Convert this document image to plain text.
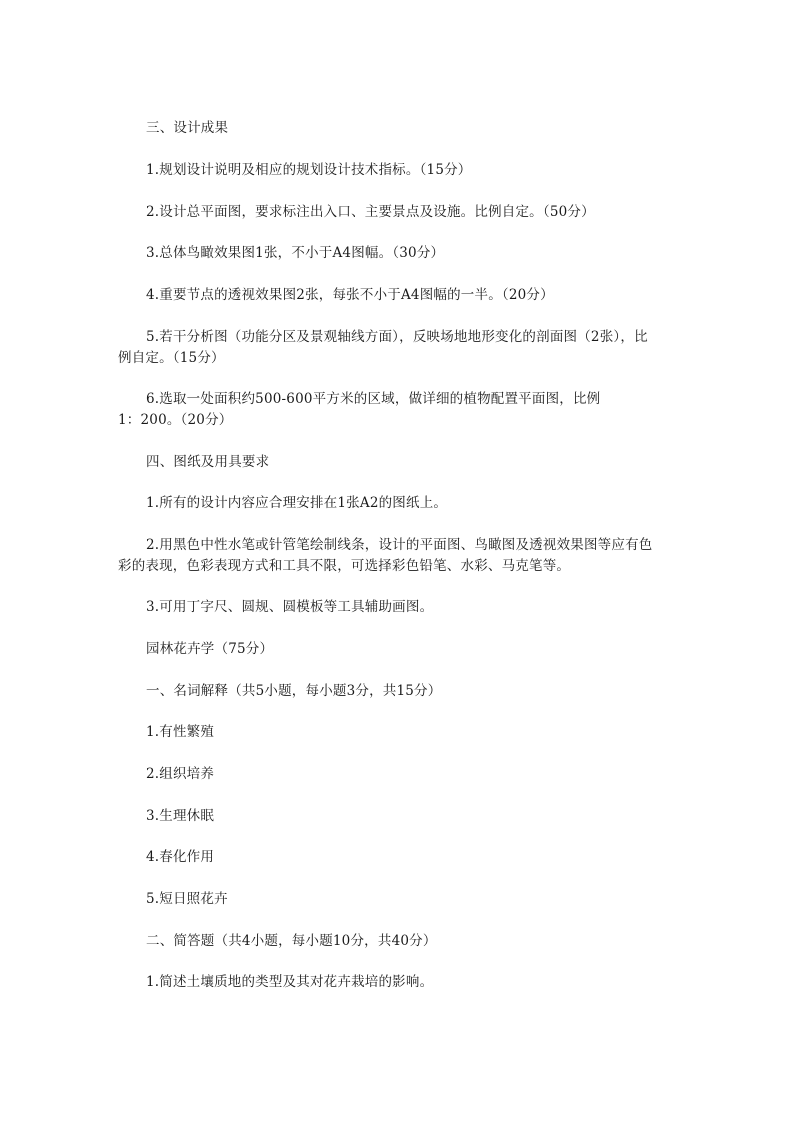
三、设计成果

1.规划设计说明及相应的规划设计技术指标。（15分）

2.设计总平面图，要求标注出入口、主要景点及设施。比例自定。（50分）

3.总体鸟瞰效果图1张，不小于A4图幅。（30分）

4.重要节点的透视效果图2张，每张不小于A4图幅的一半。（20分）

5.若干分析图（功能分区及景观轴线方面），反映场地地形变化的剖面图（2张），比
例自定。（15分）
6.选取一处面积约500-600平方米的区域，做详细的植物配置平面图，比例
1：200。（20分）

四、图纸及用具要求

1.所有的设计内容应合理安排在1张A2的图纸上。

2.用黑色中性水笔或针管笔绘制线条，设计的平面图、鸟瞰图及透视效果图等应有色
彩的表现，色彩表现方式和工具不限，可选择彩色铅笔、水彩、马克笔等。

3.可用丁字尺、圆规、圆模板等工具辅助画图。

园林花卉学（75分）

一、名词解释（共5小题，每小题3分，共15分）

1.有性繁殖

2.组织培养

3.生理休眠

4.春化作用

5.短日照花卉

二、简答题（共4小题，每小题10分，共40分）

1.简述土壤质地的类型及其对花卉栽培的影响。
